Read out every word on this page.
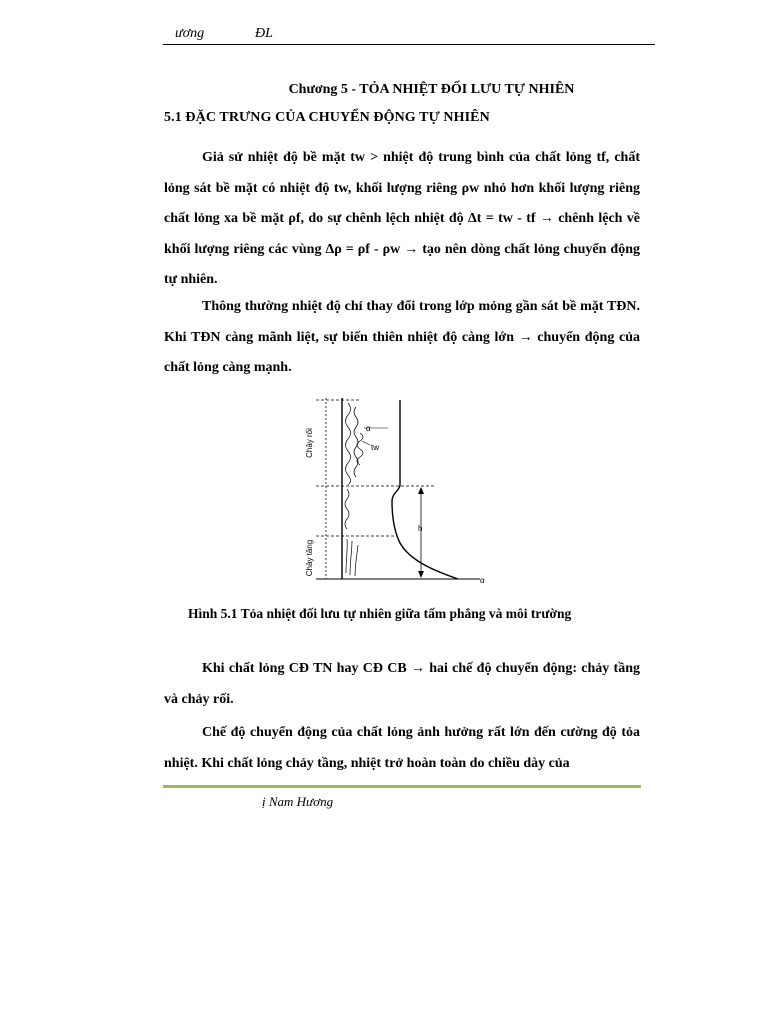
ương	ĐL
Chương 5 - TỎA NHIỆT ĐỐI LƯU TỰ NHIÊN
5.1 ĐẶC TRƯNG CỦA CHUYỂN ĐỘNG TỰ NHIÊN

Giả sử nhiệt độ bề mặt tw > nhiệt độ trung bình của chất lỏng tf, chất lỏng sát bề mặt có nhiệt độ tw, khối lượng riêng ρw nhỏ hơn khối lượng riêng chất lỏng xa bề mặt ρf, do sự chênh lệch nhiệt độ Δt = tw - tf → chênh lệch về khối lượng riêng các vùng Δρ = ρf - ρw → tạo nên dòng chất lỏng chuyển động tự nhiên.

Thông thường nhiệt độ chỉ thay đổi trong lớp mỏng gần sát bề mặt TĐN. Khi TĐN càng mãnh liệt, sự biến thiên nhiệt độ càng lớn → chuyển động của chất lỏng càng mạnh.

Chảy rối
Chảy tầng
α
tw
h
α
Hình 5.1 Tỏa nhiệt đối lưu tự nhiên giữa tấm phẳng và môi trường

Khi chất lỏng CĐ TN hay CĐ CB → hai chế độ chuyển động: chảy tầng và chảy rối.

Chế độ chuyển động của chất lỏng ảnh hưởng rất lớn đến cường độ tỏa nhiệt. Khi chất lỏng chảy tầng, nhiệt trở hoàn toàn do chiều dày của

ị Nam Hương
